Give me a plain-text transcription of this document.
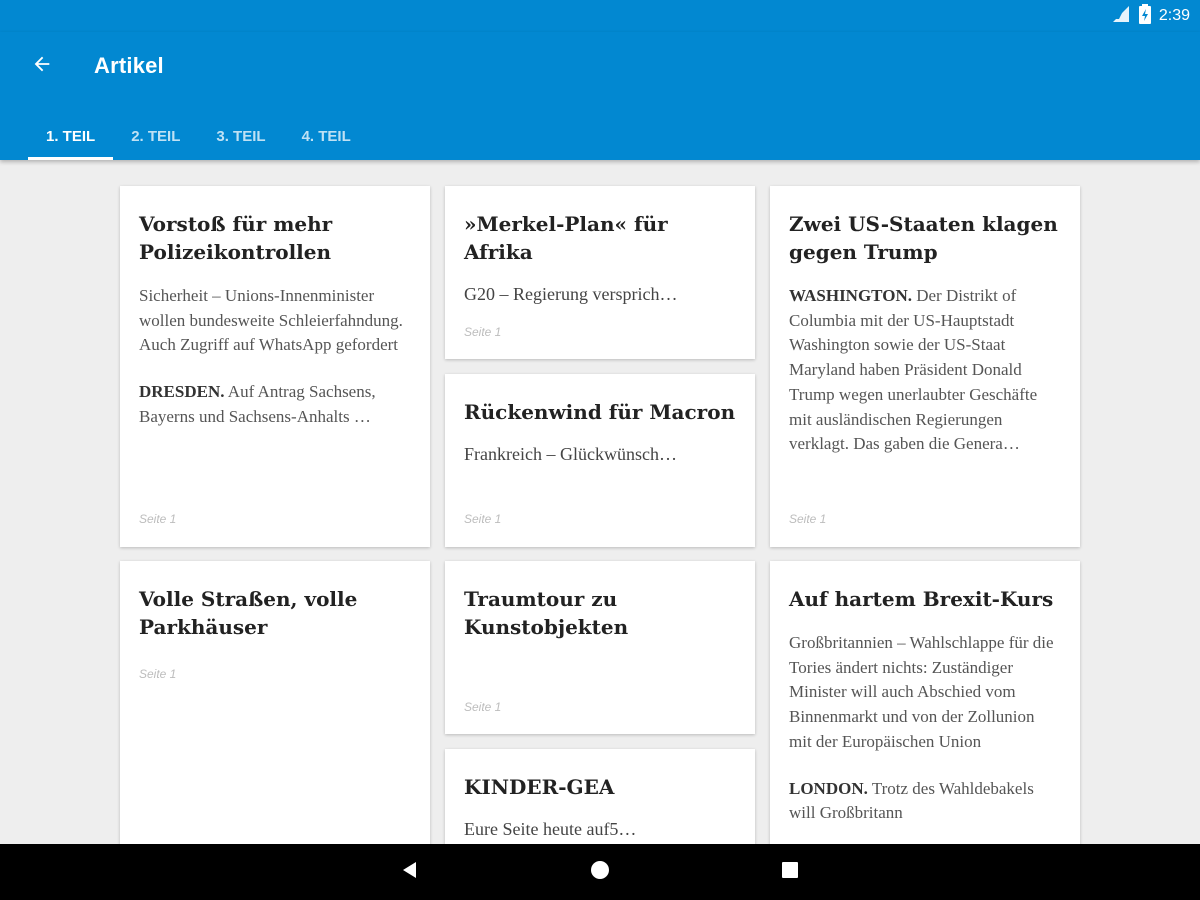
2:39
Artikel
1. TEIL	2. TEIL	3. TEIL	4. TEIL
Vorstoß für mehr Polizeikontrollen
Sicherheit – Unions-Innenminister wollen bundesweite Schleierfahndung. Auch Zugriff auf WhatsApp gefordert
DRESDEN. Auf Antrag Sachsens, Bayerns und Sachsens-Anhalts …
Seite 1
Volle Straßen, volle Parkhäuser
Seite 1
»Merkel-Plan« für Afrika
G20 – Regierung versprich…
Seite 1
Rückenwind für Macron
Frankreich – Glückwünsch…
Seite 1
Traumtour zu Kunstobjekten
Seite 1
KINDER-GEA
Eure Seite heute auf5…
Zwei US-Staaten klagen gegen Trump
WASHINGTON. Der Distrikt of Columbia mit der US-Hauptstadt Washington sowie der US-Staat Maryland haben Präsident Donald Trump wegen unerlaubter Geschäfte mit ausländischen Regierungen verklagt. Das gaben die Genera…
Seite 1
Auf hartem Brexit-Kurs
Großbritannien – Wahlschlappe für die Tories ändert nichts: Zuständiger Minister will auch Abschied vom Binnenmarkt und von der Zollunion mit der Europäischen Union
LONDON. Trotz des Wahldebakels will Großbritann
